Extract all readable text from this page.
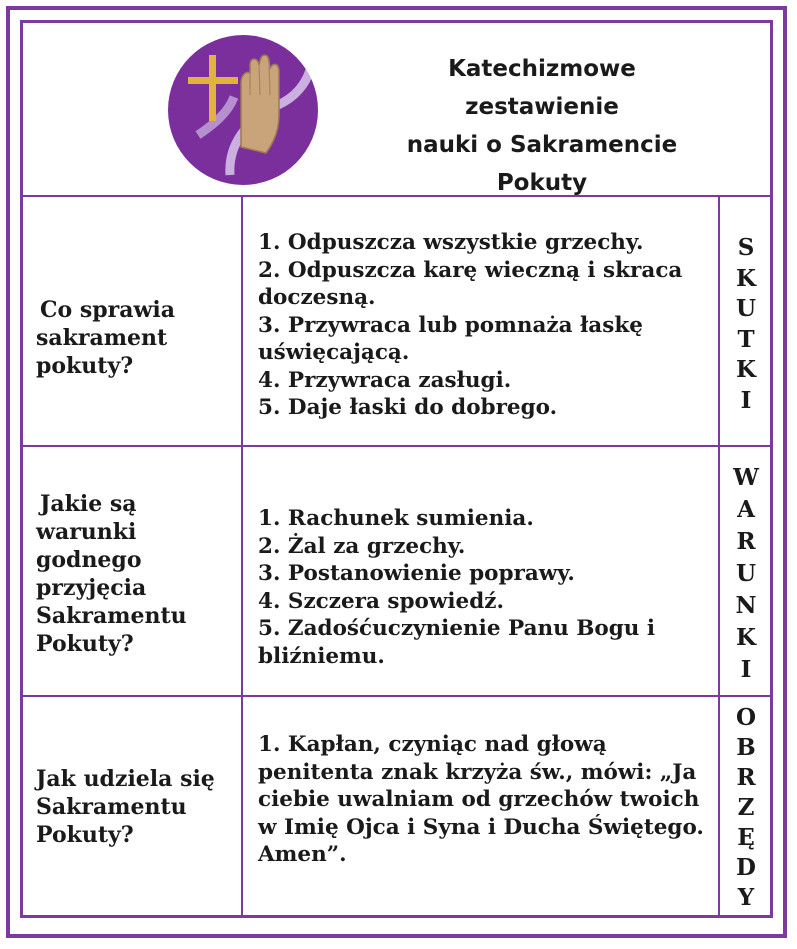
Katechizmowe zestawienie
nauki o Sakramencie
Pokuty
Co sprawia
sakrament
pokuty?
1. Odpuszcza wszystkie grzechy.
2. Odpuszcza karę wieczną i skraca doczesną.
3. Przywraca lub pomnaża łaskę uświęcającą.
4. Przywraca zasługi.
5. Daje łaski do dobrego.
S
K
U
T
K
I
Jakie są
warunki
godnego
przyjęcia
Sakramentu
Pokuty?
1. Rachunek sumienia.
2. Żal za grzechy.
3. Postanowienie poprawy.
4. Szczera spowiedź.
5. Zadośćuczynienie Panu Bogu i bliźniemu.
W
A
R
U
N
K
I
Jak udziela się
Sakramentu
Pokuty?
1. Kapłan, czyniąc nad głową penitenta znak krzyża św., mówi: „Ja ciebie uwalniam od grzechów twoich w Imię Ojca i Syna i Ducha Świętego. Amen”.
O
B
R
Z
Ę
D
Y
